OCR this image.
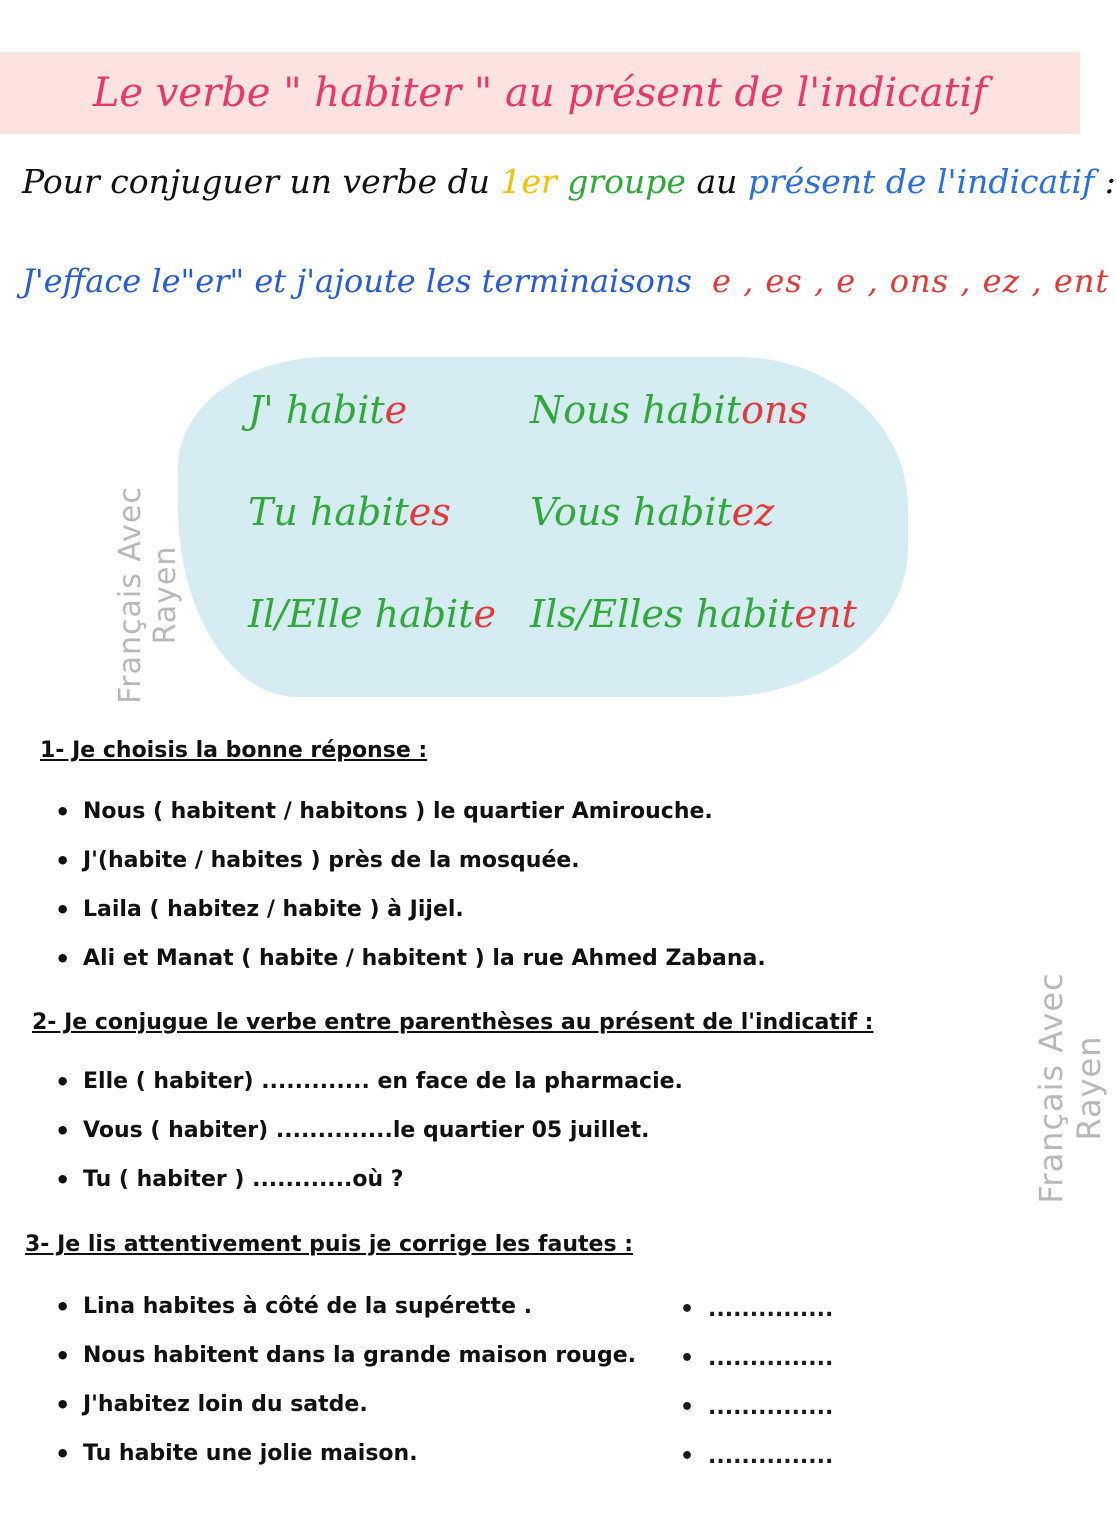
Le verbe " habiter " au présent de l'indicatif
Pour conjuguer un verbe du 1er groupe au présent de l'indicatif :
J'efface le"er" et j'ajoute les terminaisons e , es , e , ons , ez , ent
Français Avec Rayen
J' habite
Tu habites
Il/Elle habite
Nous habitons
Vous habitez
Ils/Elles habitent
1- Je choisis la bonne réponse :
• Nous ( habitent / habitons ) le quartier Amirouche.
• J'(habite / habites ) près de la mosquée.
• Laila ( habitez / habite ) à Jijel.
• Ali et Manat ( habite / habitent ) la rue Ahmed Zabana.
2- Je conjugue le verbe entre parenthèses au présent de l'indicatif :
• Elle ( habiter) ............. en face de la pharmacie.
• Vous ( habiter) ..............le quartier 05 juillet.
• Tu ( habiter ) ............où ?	Français Avec Rayen
3- Je lis attentivement puis je corrige les fautes :
• Lina habites à côté de la supérette .
• Nous habitent dans la grande maison rouge.
• J'habitez loin du satde.
• Tu habite une jolie maison.
• ...............
• ...............
• ...............
• ...............
